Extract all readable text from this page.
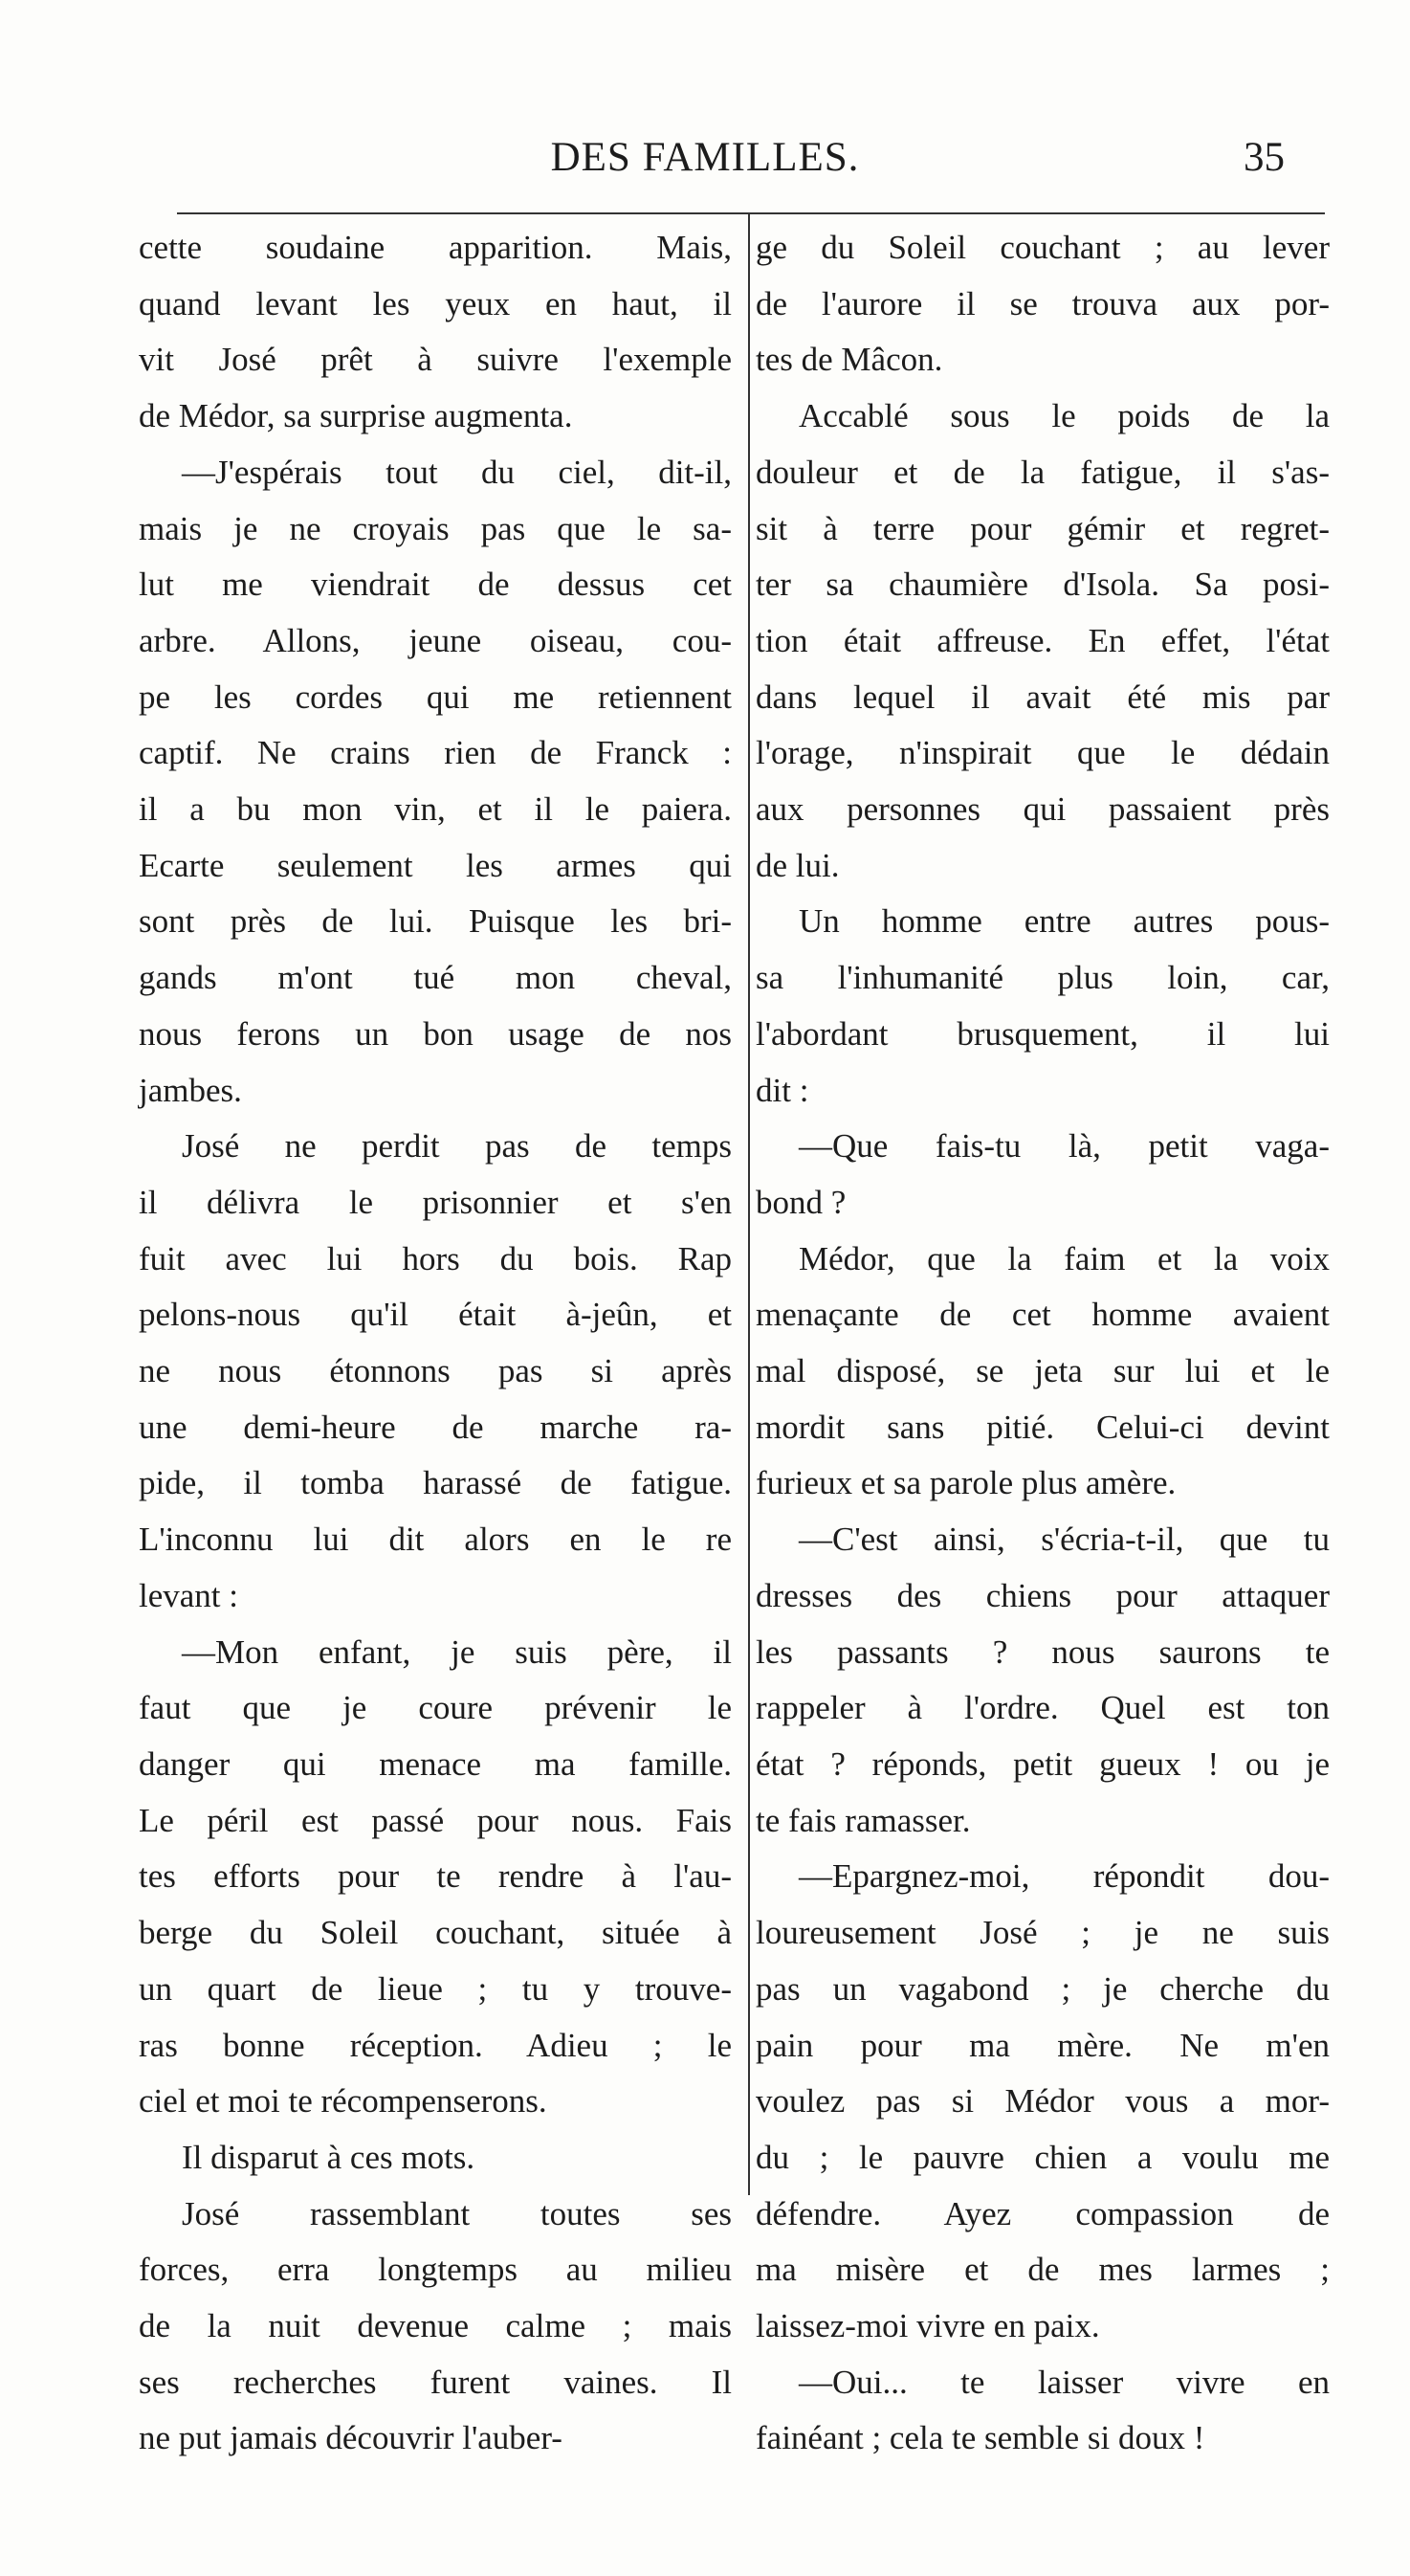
DES FAMILLES.	35
cette soudaine apparition. Mais,
quand levant les yeux en haut, il
vit José prêt à suivre l'exemple
de Médor, sa surprise augmenta.
—J'espérais tout du ciel, dit-il,
mais je ne croyais pas que le sa-
lut me viendrait de dessus cet
arbre. Allons, jeune oiseau, cou-
pe les cordes qui me retiennent
captif. Ne crains rien de Franck :
il a bu mon vin, et il le paiera.
Ecarte seulement les armes qui
sont près de lui. Puisque les bri-
gands m'ont tué mon cheval,
nous ferons un bon usage de nos
jambes.
José ne perdit pas de temps
il délivra le prisonnier et s'en
fuit avec lui hors du bois. Rap
pelons-nous qu'il était à-jeûn, et
ne nous étonnons pas si après
une demi-heure de marche ra-
pide, il tomba harassé de fatigue.
L'inconnu lui dit alors en le re
levant :
—Mon enfant, je suis père, il
faut que je coure prévenir le
danger qui menace ma famille.
Le péril est passé pour nous. Fais
tes efforts pour te rendre à l'au-
berge du Soleil couchant, située à
un quart de lieue ; tu y trouve-
ras bonne réception. Adieu ; le
ciel et moi te récompenserons.
Il disparut à ces mots.
José rassemblant toutes ses
forces, erra longtemps au milieu
de la nuit devenue calme ; mais
ses recherches furent vaines. Il
ne put jamais découvrir l'auber-
ge du Soleil couchant ; au lever
de l'aurore il se trouva aux por-
tes de Mâcon.
Accablé sous le poids de la
douleur et de la fatigue, il s'as-
sit à terre pour gémir et regret-
ter sa chaumière d'Isola. Sa posi-
tion était affreuse. En effet, l'état
dans lequel il avait été mis par
l'orage, n'inspirait que le dédain
aux personnes qui passaient près
de lui.
Un homme entre autres pous-
sa l'inhumanité plus loin, car,
l'abordant brusquement, il lui
dit :
—Que fais-tu là, petit vaga-
bond ?
Médor, que la faim et la voix
menaçante de cet homme avaient
mal disposé, se jeta sur lui et le
mordit sans pitié. Celui-ci devint
furieux et sa parole plus amère.
—C'est ainsi, s'écria-t-il, que tu
dresses des chiens pour attaquer
les passants ? nous saurons te
rappeler à l'ordre. Quel est ton
état ? réponds, petit gueux ! ou je
te fais ramasser.
—Epargnez-moi, répondit dou-
loureusement José ; je ne suis
pas un vagabond ; je cherche du
pain pour ma mère. Ne m'en
voulez pas si Médor vous a mor-
du ; le pauvre chien a voulu me
défendre. Ayez compassion de
ma misère et de mes larmes ;
laissez-moi vivre en paix.
—Oui... te laisser vivre en
fainéant ; cela te semble si doux !
